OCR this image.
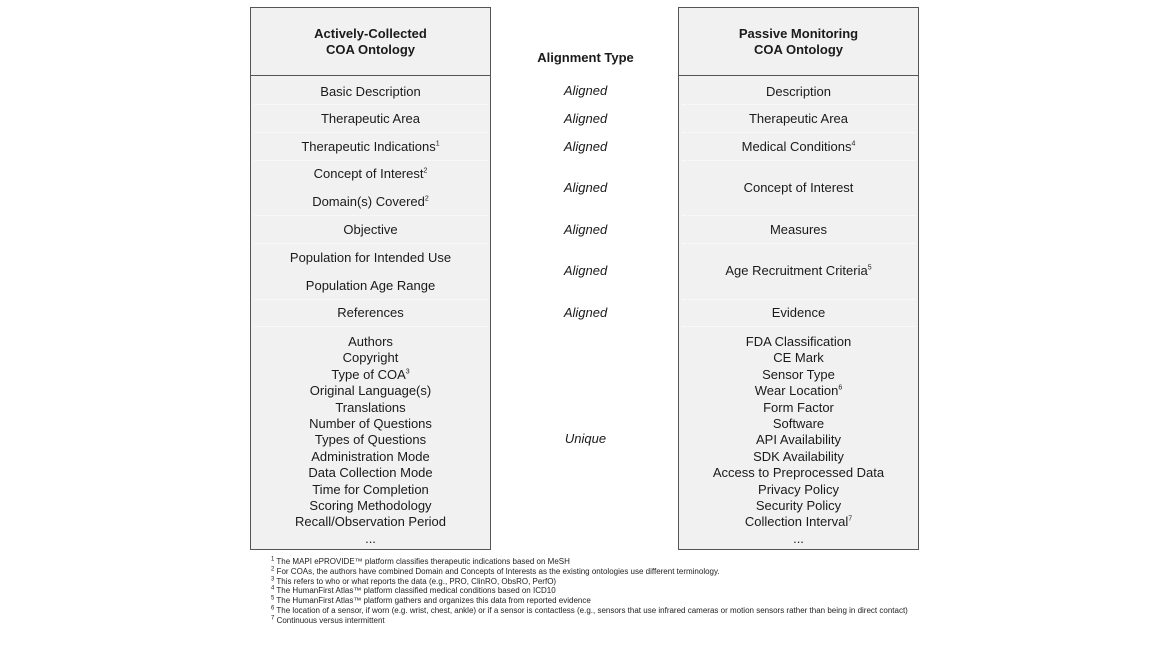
Actively-Collected
COA Ontology
Basic Description
Therapeutic Area
Therapeutic Indications$^1$
Concept of Interest$^2$
Domain(s) Covered$^2$
Objective
Population for Intended Use
Population Age Range
References
Authors
Copyright
Type of COA$^3$
Original Language(s)
Translations
Number of Questions
Types of Questions
Administration Mode
Data Collection Mode
Time for Completion
Scoring Methodology
Recall/Observation Period
...
Alignment Type
Aligned
Aligned
Aligned
Aligned
Aligned
Aligned
Aligned
Unique
Passive Monitoring
COA Ontology
Description
Therapeutic Area
Medical Conditions$^4$
Concept of Interest
Measures
Age Recruitment Criteria$^5$
Evidence
FDA Classification
CE Mark
Sensor Type
Wear Location$^6$
Form Factor
Software
API Availability
SDK Availability
Access to Preprocessed Data
Privacy Policy
Security Policy
Collection Interval$^7$
...
$^1$ The MAPI ePROVIDE™ platform classifies therapeutic indications based on MeSH
$^2$ For COAs, the authors have combined Domain and Concepts of Interests as the existing ontologies use different terminology.
$^3$ This refers to who or what reports the data (e.g., PRO, ClinRO, ObsRO, PerfO)
$^4$ The HumanFirst Atlas™ platform classified medical conditions based on ICD10
$^5$ The HumanFirst Atlas™ platform gathers and organizes this data from reported evidence
$^6$ The location of a sensor, if worn (e.g. wrist, chest, ankle) or if a sensor is contactless (e.g., sensors that use infrared cameras or motion sensors rather than being in direct contact)
$^7$ Continuous versus intermittent
